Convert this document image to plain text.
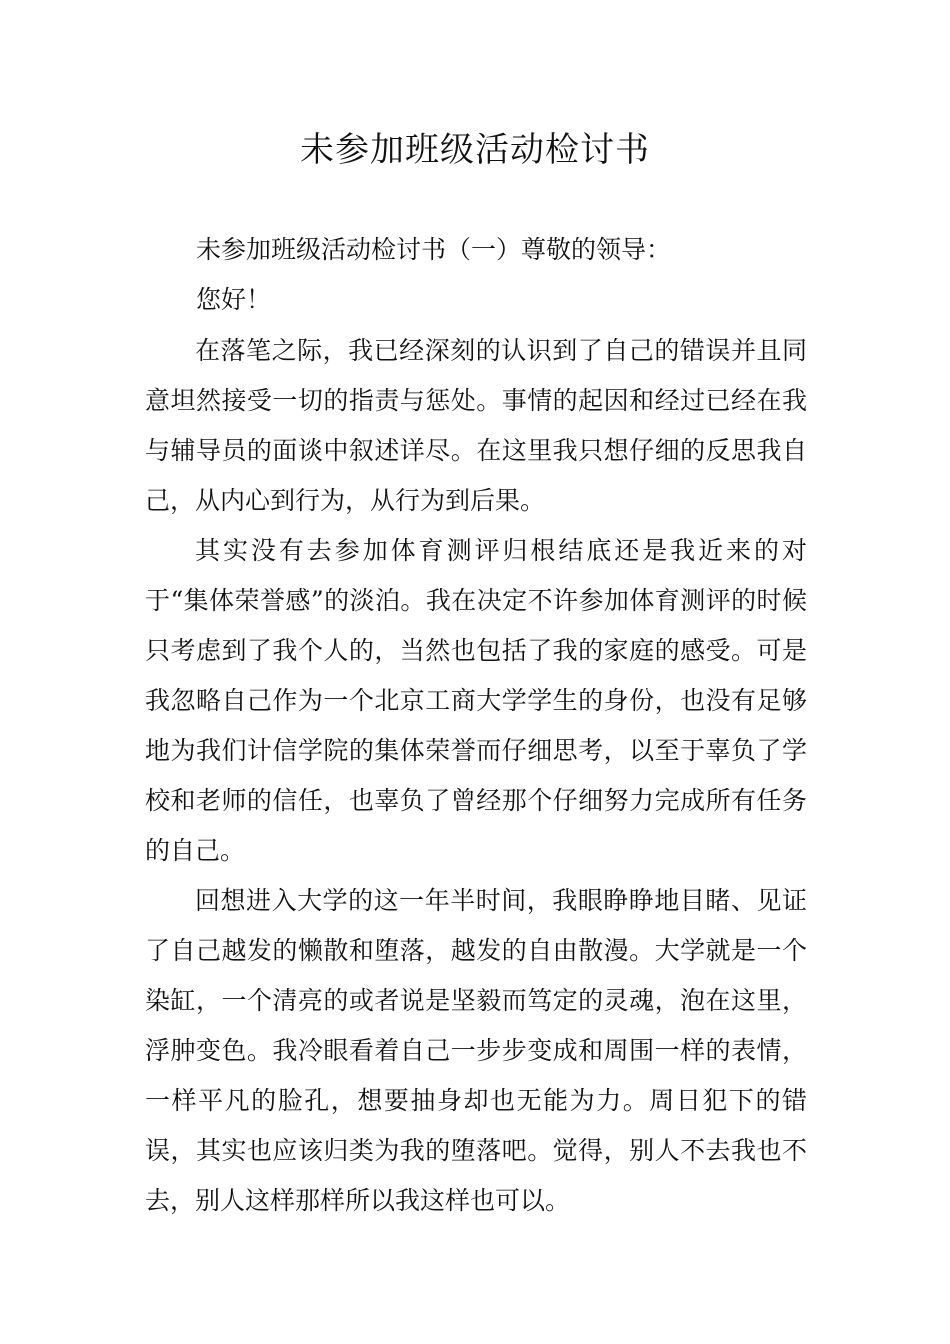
未参加班级活动检讨书
未参加班级活动检讨书（一）尊敬的领导：
您好！

在落笔之际，我已经深刻的认识到了自己的错误并且同意坦然接受一切的指责与惩处。事情的起因和经过已经在我与辅导员的面谈中叙述详尽。在这里我只想仔细的反思我自己，从内心到行为，从行为到后果。

其实没有去参加体育测评归根结底还是我近来的对于“集体荣誉感”的淡泊。我在决定不许参加体育测评的时候只考虑到了我个人的，当然也包括了我的家庭的感受。可是我忽略自己作为一个北京工商大学学生的身份，也没有足够地为我们计信学院的集体荣誉而仔细思考，以至于辜负了学校和老师的信任，也辜负了曾经那个仔细努力完成所有任务的自己。

回想进入大学的这一年半时间，我眼睁睁地目睹、见证了自己越发的懒散和堕落，越发的自由散漫。大学就是一个染缸，一个清亮的或者说是坚毅而笃定的灵魂，泡在这里，浮肿变色。我冷眼看着自己一步步变成和周围一样的表情，一样平凡的脸孔，想要抽身却也无能为力。周日犯下的错误，其实也应该归类为我的堕落吧。觉得，别人不去我也不去，别人这样那样所以我这样也可以。
